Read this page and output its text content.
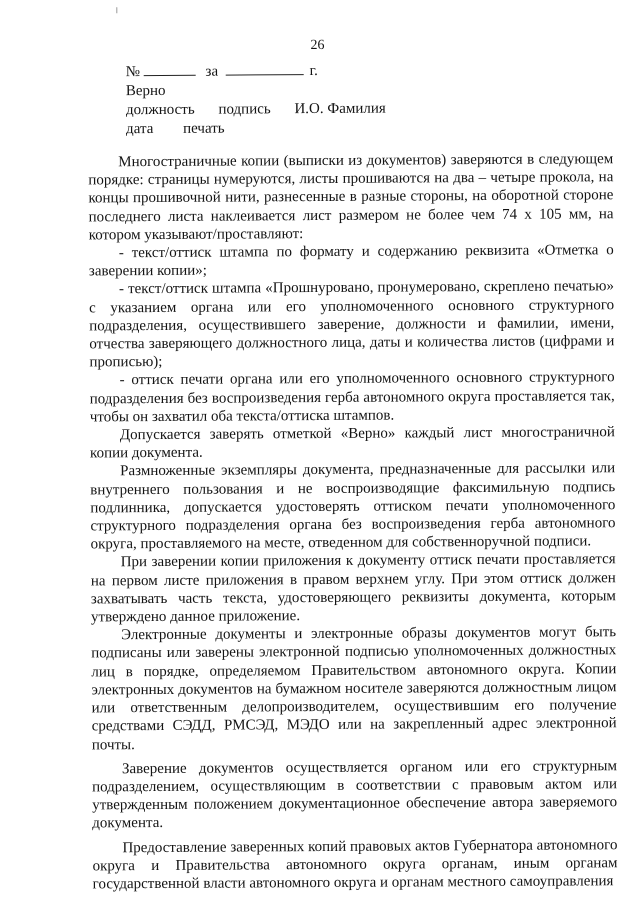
26
№	за	г.
Верно
должность подпись И.О. Фамилия
дата печать

Многостраничные копии (выписки из документов) заверяются в следующем порядке: страницы нумеруются, листы прошиваются на два – четыре прокола, на концы прошивочной нити, разнесенные в разные стороны, на оборотной стороне последнего листа наклеивается лист размером не более чем 74 х 105 мм, на котором указывают/проставляют:

- текст/оттиск штампа по формату и содержанию реквизита «Отметка о заверении копии»;

- текст/оттиск штампа «Прошнуровано, пронумеровано, скреплено печатью» с указанием органа или его уполномоченного основного структурного подразделения, осуществившего заверение, должности и фамилии, имени, отчества заверяющего должностного лица, даты и количества листов (цифрами и прописью);

- оттиск печати органа или его уполномоченного основного структурного подразделения без воспроизведения герба автономного округа проставляется так, чтобы он захватил оба текста/оттиска штампов.

Допускается заверять отметкой «Верно» каждый лист многостраничной копии документа.

Размноженные экземпляры документа, предназначенные для рассылки или внутреннего пользования и не воспроизводящие факсимильную подпись подлинника, допускается удостоверять оттиском печати уполномоченного структурного подразделения органа без воспроизведения герба автономного округа, проставляемого на месте, отведенном для собственноручной подписи.

При заверении копии приложения к документу оттиск печати проставляется на первом листе приложения в правом верхнем углу. При этом оттиск должен захватывать часть текста, удостоверяющего реквизиты документа, которым утверждено данное приложение.

Электронные документы и электронные образы документов могут быть подписаны или заверены электронной подписью уполномоченных должностных лиц в порядке, определяемом Правительством автономного округа. Копии электронных документов на бумажном носителе заверяются должностным лицом или ответственным делопроизводителем, осуществившим его получение средствами СЭДД, РМСЭД, МЭДО или на закрепленный адрес электронной почты.

Заверение документов осуществляется органом или его структурным подразделением, осуществляющим в соответствии с правовым актом или утвержденным положением документационное обеспечение автора заверяемого документа.

Предоставление заверенных копий правовых актов Губернатора автономного округа и Правительства автономного округа органам, иным органам государственной власти автономного округа и органам местного самоуправления
